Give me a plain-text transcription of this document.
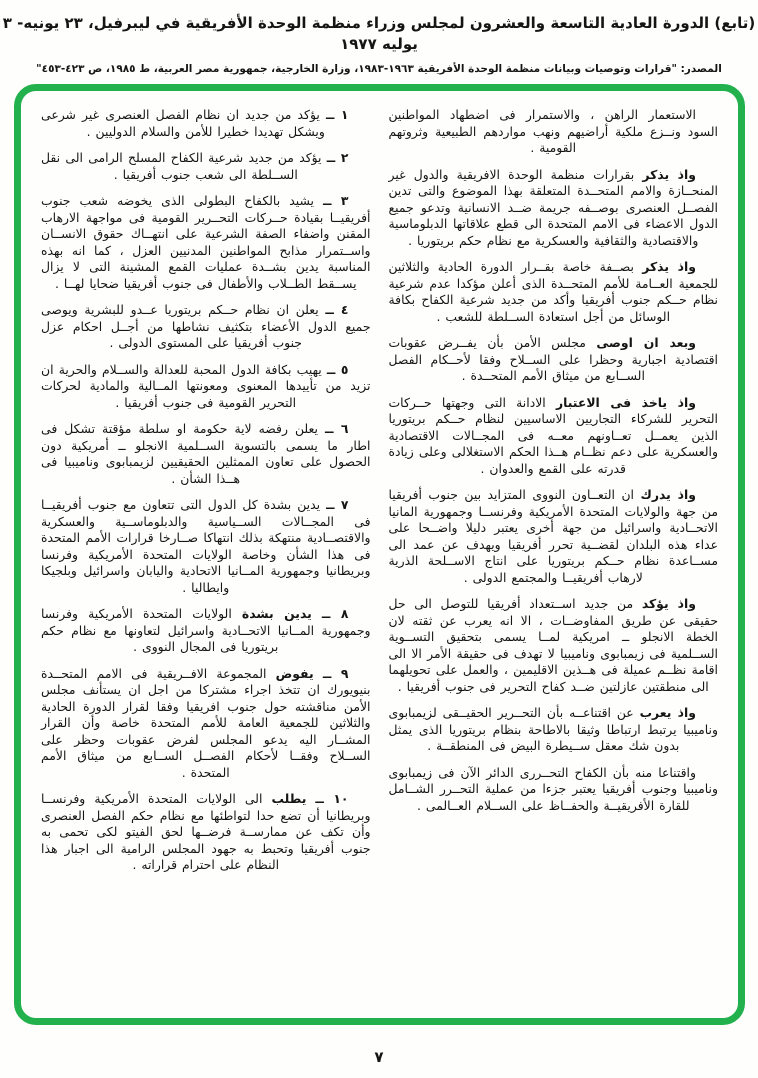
(تابع) الدورة العادية التاسعة والعشرون لمجلس وزراء منظمة الوحدة الأفريقية في ليبرفيل، ٢٣ يونيه- ٣ يوليه ١٩٧٧
المصدر: "قرارات وتوصيات وبيانات منظمة الوحدة الأفريقية ١٩٦٣-١٩٨٣، وزارة الخارجية، جمهورية مصر العربية، ط ١٩٨٥، ص ٤٢٣-٤٥٣"

الاستعمار الراهن ، والاستمرار فى اضطهاد المواطنين السود ونــزع ملكية أراضيهم ونهب مواردهم الطبيعية وثروتهم القومية .

واذ يذكر بقرارات منظمة الوحدة الافريقية والدول غير المنحــازة والامم المتحــدة المتعلقة بهذا الموضوع والتى تدين الفصــل العنصرى بوصــفه جريمة ضــد الانسانية وتدعو جميع الدول الاعضاء فى الامم المتحدة الى قطع علاقاتها الدبلوماسية والاقتصادية والثقافية والعسكرية مع نظام حكم بريتوريا .

واذ يذكر بصــفة خاصة بقــرار الدورة الحادية والثلاثين للجمعية العــامة للأمم المتحــدة الذى أعلن مؤكدا عدم شرعية نظام حــكم جنوب أفريقيا وأكد من جديد شرعية الكفاح بكافة الوسائل من أجل استعادة الســلطة للشعب .

وبعد ان اوصى مجلس الأمن بأن يفــرض عقوبات اقتصادية اجبارية وحظرا على الســلاح وفقا لأحــكام الفصل الســابع من ميثاق الأمم المتحــدة .

واذ ياخذ فى الاعتبار الادانة التى وجهتها حــركات التحرير للشركاء التجاريين الاساسيين لنظام حــكم بريتوريا الذين يعمــل تعــاونهم معــه فى المجــالات الاقتصادية والعسكرية على دعم نظــام هــذا الحكم الاستغلالى وعلى زيادة قدرته على القمع والعدوان .

واذ يدرك ان التعــاون النووى المتزايد بين جنوب أفريقيا من جهة والولايات المتحدة الأمريكية وفرنســا وجمهورية المانيا الاتحــادية واسرائيل من جهة أخرى يعتبر دليلا واضــحا على عداء هذه البلدان لقضــية تحرر أفريقيا ويهدف عن عمد الى مســاعدة نظام حــكم بريتوريا على انتاج الاســلحة الذرية لارهاب أفريقيــا والمجتمع الدولى .

واذ يؤكد من جديد اســتعداد أفريقيا للتوصل الى حل حقيقى عن طريق المفاوضــات ، الا انه يعرب عن ثقته لان الخطة الانجلو ــ امريكية لمــا يسمى بتحقيق التســوية الســلمية فى زيمبابوى وناميبيا لا تهدف فى حقيقة الأمر الا الى اقامة نظــم عميلة فى هــذين الاقليمين ، والعمل على تحويلهما الى منطقتين عازلتين ضــد كفاح التحرير فى جنوب أفريقيا .

واذ يعرب عن اقتناعــه بأن التحــرير الحقيــقى لزيمبابوى وناميبيا يرتبط ارتباطا وثيقا بالاطاحة بنظام بريتوريا الذى يمثل بدون شك معقل ســيطرة البيض فى المنطقــة .

واقتناعا منه بأن الكفاح التحــررى الدائر الآن فى زيمبابوى وناميبيا وجنوب أفريقيا يعتبر جزءا من عملية التحــرر الشــامل للقارة الأفريقيــة والحفــاظ على الســلام العــالمى .

١ ــ يؤكد من جديد ان نظام الفصل العنصرى غير شرعى ويشكل تهديدا خطيرا للأمن والسلام الدوليين .

٢ ــ يؤكد من جديد شرعية الكفاح المسلح الرامى الى نقل الســلطة الى شعب جنوب أفريقيا .

٣ ــ يشيد بالكفاح البطولى الذى يخوضه شعب جنوب أفريقيــا بقيادة حــركات التحــرير القومية فى مواجهة الارهاب المقنن واضفاء الصفة الشرعية على انتهــاك حقوق الانســان واســتمرار مذابح المواطنين المدنيين العزل ، كما انه بهذه المناسبة يدين بشــدة عمليات القمع المشينة التى لا يزال يســقط الطــلاب والأطفال فى جنوب أفريقيا ضحايا لهــا .

٤ ــ يعلن ان نظام حــكم بريتوريا عــدو للبشرية ويوصى جميع الدول الأعضاء بتكثيف نشاطها من أجــل احكام عزل جنوب أفريقيا على المستوى الدولى .

٥ ــ يهيب بكافة الدول المحبة للعدالة والســلام والحرية ان تزيد من تأييدها المعنوى ومعونتها المــالية والمادية لحركات التحرير القومية فى جنوب أفريقيا .

٦ ــ يعلن رفضه لاية حكومة او سلطة مؤقتة تشكل فى اطار ما يسمى بالتسوية الســلمية الانجلو ــ أمريكية دون الحصول على تعاون الممثلين الحقيقيين لزيمبابوى وناميبيا فى هــذا الشأن .

٧ ــ يدين بشدة كل الدول التى تتعاون مع جنوب أفريقيــا فى المجــالات الســياسية والدبلوماســية والعسكرية والاقتصــادية منتهكة بذلك انتهاكا صــارخا قرارات الأمم المتحدة فى هذا الشأن وخاصة الولايات المتحدة الأمريكية وفرنسا وبريطانيا وجمهورية المــانيا الاتحادية واليابان واسرائيل وبلجيكا وايطاليا .

٨ ــ يدين بشدة الولايات المتحدة الأمريكية وفرنسا وجمهورية المــانيا الاتحــادية واسرائيل لتعاونها مع نظام حكم بريتوريا فى المجال النووى .

٩ ــ يفوض المجموعة الافــريقية فى الامم المتحــدة بنيويورك ان تتخذ اجراء مشتركا من اجل ان يستأنف مجلس الأمن مناقشته حول جنوب افريقيا وفقا لقرار الدورة الحادية والثلاثين للجمعية العامة للأمم المتحدة خاصة وأن القرار المشــار اليه يدعو المجلس لفرض عقوبات وحظر على الســلاح وفقــا لأحكام الفصــل الســابع من ميثاق الأمم المتحدة .

١٠ ــ يطلب الى الولايات المتحدة الأمريكية وفرنســا وبريطانيا أن تضع حدا لتواطئها مع نظام حكم الفصل العنصرى وأن تكف عن ممارســة فرضــها لحق الفيتو لكى تحمى به جنوب أفريقيا وتحبط به جهود المجلس الرامية الى اجبار هذا النظام على احترام قراراته .

٧
